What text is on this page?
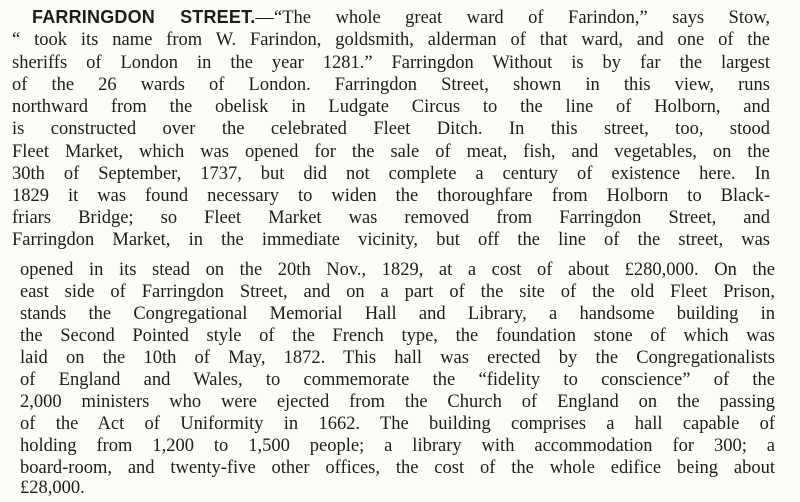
FARRINGDON STREET.—“The whole great ward of Farindon,” says Stow,
“ took its name from W. Farindon, goldsmith, alderman of that ward, and one of the
sheriffs of London in the year 1281.” Farringdon Without is by far the largest
of the 26 wards of London. Farringdon Street, shown in this view, runs
northward from the obelisk in Ludgate Circus to the line of Holborn, and
is constructed over the celebrated Fleet Ditch. In this street, too, stood
Fleet Market, which was opened for the sale of meat, fish, and vegetables, on the
30th of September, 1737, but did not complete a century of existence here. In
1829 it was found necessary to widen the thoroughfare from Holborn to Black-
friars Bridge; so Fleet Market was removed from Farringdon Street, and
Farringdon Market, in the immediate vicinity, but off the line of the street, was
opened in its stead on the 20th Nov., 1829, at a cost of about £280,000. On the
east side of Farringdon Street, and on a part of the site of the old Fleet Prison,
stands the Congregational Memorial Hall and Library, a handsome building in
the Second Pointed style of the French type, the foundation stone of which was
laid on the 10th of May, 1872. This hall was erected by the Congregationalists
of England and Wales, to commemorate the “fidelity to conscience” of the
2,000 ministers who were ejected from the Church of England on the passing
of the Act of Uniformity in 1662. The building comprises a hall capable of
holding from 1,200 to 1,500 people; a library with accommodation for 300; a
board-room, and twenty-five other offices, the cost of the whole edifice being about
£28,000.
